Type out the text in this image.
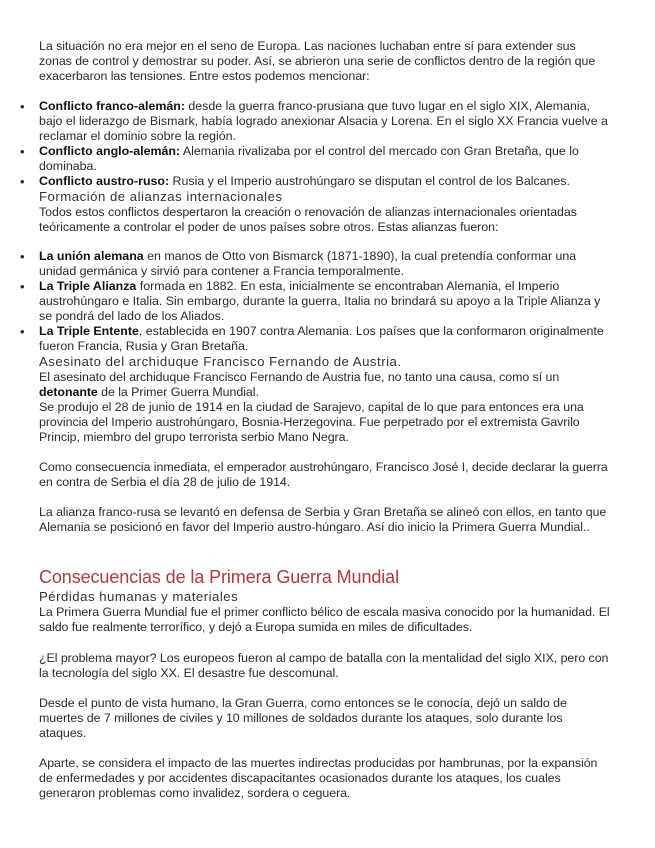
La situación no era mejor en el seno de Europa. Las naciones luchaban entre sí para extender sus zonas de control y demostrar su poder. Así, se abrieron una serie de conflictos dentro de la región que exacerbaron las tensiones. Entre estos podemos mencionar:

• Conflicto franco-alemán: desde la guerra franco-prusiana que tuvo lugar en el siglo XIX, Alemania, bajo el liderazgo de Bismark, había logrado anexionar Alsacia y Lorena. En el siglo XX Francia vuelve a reclamar el dominio sobre la región.
• Conflicto anglo-alemán: Alemania rivalizaba por el control del mercado con Gran Bretaña, que lo dominaba.
• Conflicto austro-ruso: Rusia y el Imperio austrohúngaro se disputan el control de los Balcanes.
Formación de alianzas internacionales

Todos estos conflictos despertaron la creación o renovación de alianzas internacionales orientadas teóricamente a controlar el poder de unos países sobre otros. Estas alianzas fueron:

• La unión alemana en manos de Otto von Bismarck (1871-1890), la cual pretendía conformar una unidad germánica y sirvió para contener a Francia temporalmente.
• La Triple Alianza formada en 1882. En esta, inicialmente se encontraban Alemania, el Imperio austrohúngaro e Italia. Sin embargo, durante la guerra, Italia no brindará su apoyo a la Triple Alianza y se pondrá del lado de los Aliados.
• La Triple Entente, establecida en 1907 contra Alemania. Los países que la conformaron originalmente fueron Francia, Rusia y Gran Bretaña.
Asesinato del archiduque Francisco Fernando de Austria.

El asesinato del archiduque Francisco Fernando de Austria fue, no tanto una causa, como sí un detonante de la Primer Guerra Mundial.

Se produjo el 28 de junio de 1914 en la ciudad de Sarajevo, capital de lo que para entonces era una provincia del Imperio austrohúngaro, Bosnia-Herzegovina. Fue perpetrado por el extremista Gavrilo Princip, miembro del grupo terrorista serbio Mano Negra.

Como consecuencia inmediata, el emperador austrohúngaro, Francisco José I, decide declarar la guerra en contra de Serbia el día 28 de julio de 1914.

La alianza franco-rusa se levantó en defensa de Serbia y Gran Bretaña se alineó con ellos, en tanto que Alemania se posicionó en favor del Imperio austro-húngaro. Así dio inicio la Primera Guerra Mundial..

Consecuencias de la Primera Guerra Mundial
Pérdidas humanas y materiales

La Primera Guerra Mundial fue el primer conflicto bélico de escala masiva conocido por la humanidad. El saldo fue realmente terrorífico, y dejó a Europa sumida en miles de dificultades.

¿El problema mayor? Los europeos fueron al campo de batalla con la mentalidad del siglo XIX, pero con la tecnología del siglo XX. El desastre fue descomunal.

Desde el punto de vista humano, la Gran Guerra, como entonces se le conocía, dejó un saldo de muertes de 7 millones de civiles y 10 millones de soldados durante los ataques, solo durante los ataques.

Aparte, se considera el impacto de las muertes indirectas producidas por hambrunas, por la expansión de enfermedades y por accidentes discapacitantes ocasionados durante los ataques, los cuales generaron problemas como invalidez, sordera o ceguera.
